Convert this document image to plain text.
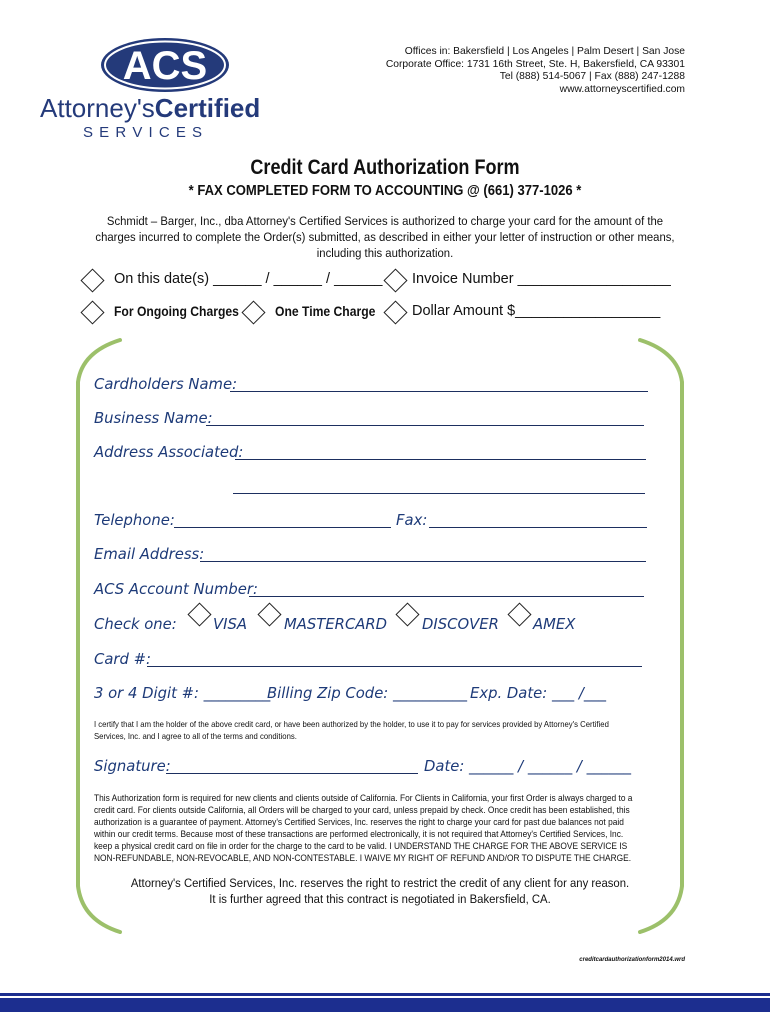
ACS
Attorney'sCertified
S E R V I C E S
Offices in: Bakersfield | Los Angeles | Palm Desert | San Jose
Corporate Office: 1731 16th Street, Ste. H, Bakersfield, CA 93301
Tel (888) 514-5067 | Fax (888) 247-1288
www.attorneyscertified.com
Credit Card Authorization Form
* FAX COMPLETED FORM TO ACCOUNTING @ (661) 377-1026 *
Schmidt – Barger, Inc., dba Attorney's Certified Services is authorized to charge your card for the amount of the charges incurred to complete the Order(s) submitted, as described in either your letter of instruction or other means, including this authorization.
On this date(s) ______ / ______ / ______ Invoice Number ___________________
For Ongoing Charges	One Time Charge	Dollar Amount $__________________
Cardholders Name:
Business Name:
Address Associated:
Telephone:	Fax:
Email Address:
ACS Account Number:
Check one: VISA MASTERCARD DISCOVER AMEX
Card #:
3 or 4 Digit #: _________
Billing Zip Code: __________ Exp. Date: ___ /___
I certify that I am the holder of the above credit card, or have been authorized by the holder, to use it to pay for services provided by Attorney's Certified Services, Inc. and I agree to all of the terms and conditions.
Signature:	Date: ______ / ______ / ______
This Authorization form is required for new clients and clients outside of California. For Clients in California, your first Order is always charged to a credit card. For clients outside California, all Orders will be charged to your card, unless prepaid by check. Once credit has been established, this authorization is a guarantee of payment. Attorney's Certified Services, Inc. reserves the right to charge your card for past due balances not paid within our credit terms. Because most of these transactions are performed electronically, it is not required that Attorney's Certified Services, Inc. keep a physical credit card on file in order for the charge to the card to be valid. I UNDERSTAND THE CHARGE FOR THE ABOVE SERVICE IS NON-REFUNDABLE, NON-REVOCABLE, AND NON-CONTESTABLE. I WAIVE MY RIGHT OF REFUND AND/OR TO DISPUTE THE CHARGE.
Attorney's Certified Services, Inc. reserves the right to restrict the credit of any client for any reason.
It is further agreed that this contract is negotiated in Bakersfield, CA.
creditcardauthorizationform2014.wrd
